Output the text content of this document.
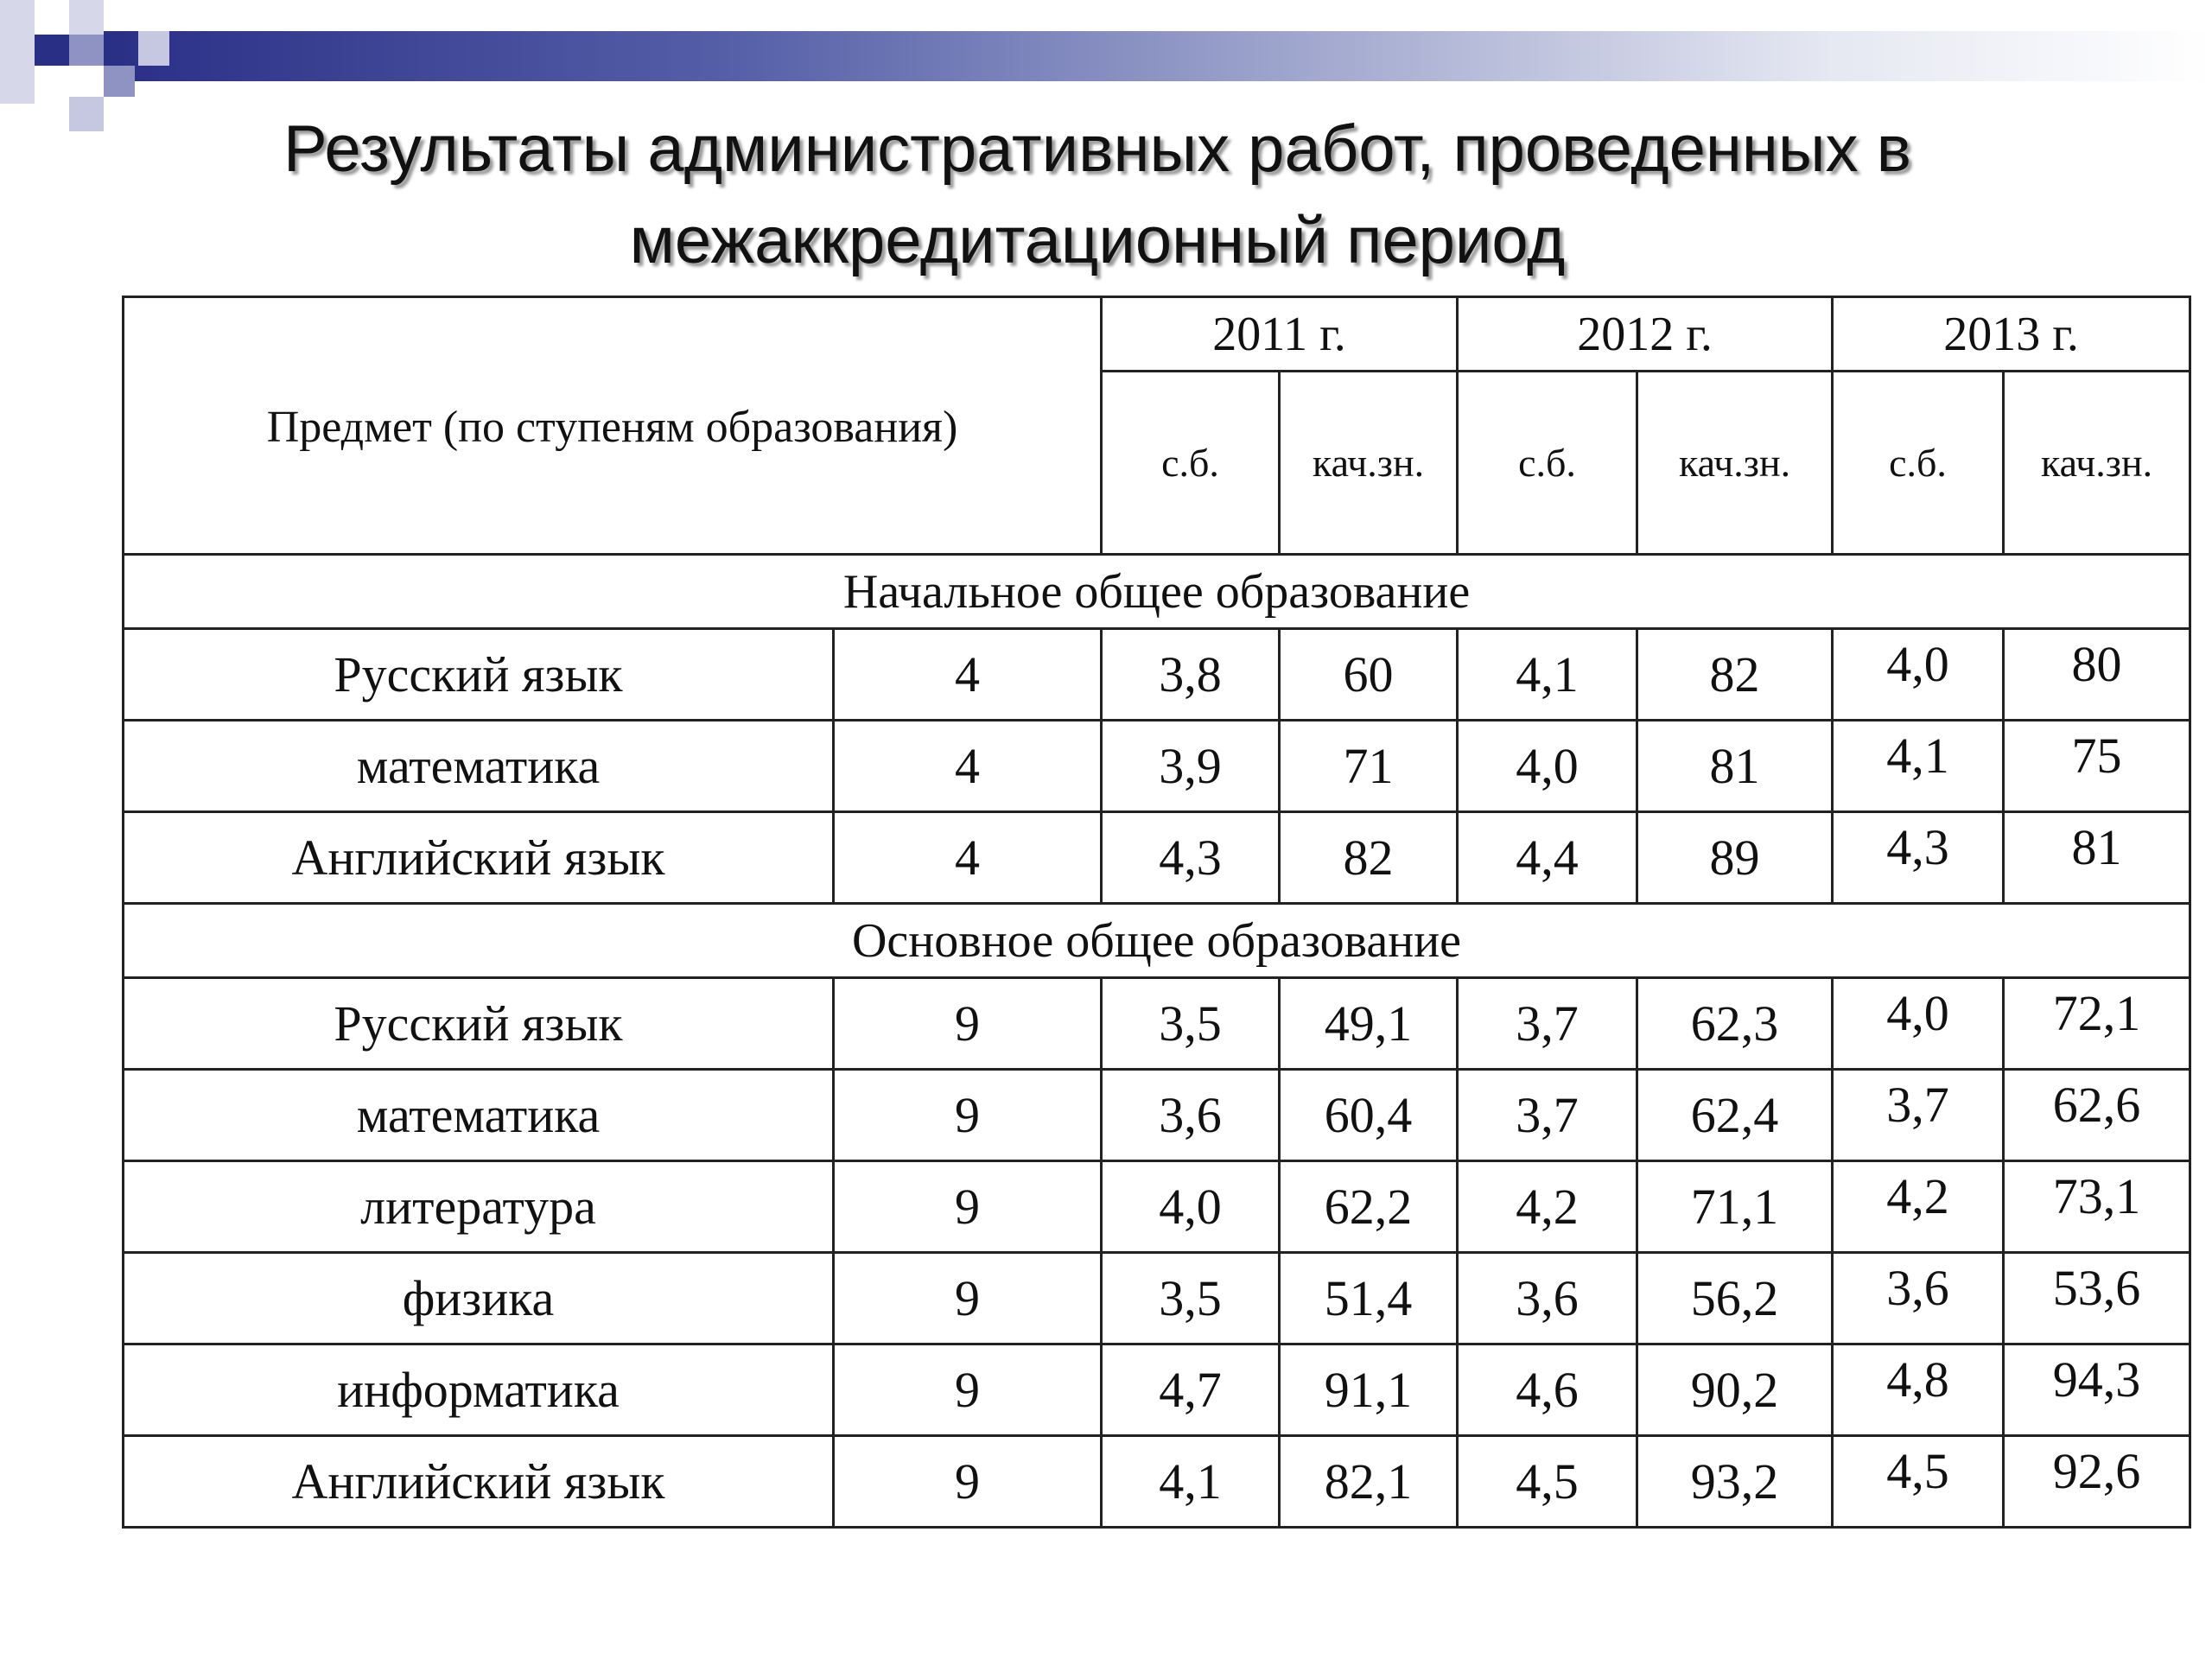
Результаты административных работ, проведенных в межаккредитационный период
Предмет (по ступеням образования)		2011 г.		2012 г.		2013 г.	
		с.б.	кач.зн.	с.б.	кач.зн.	с.б.	кач.зн.
Начальное общее образование							
Русский язык	4	3,8	60	4,1	82	4,0	80
математика	4	3,9	71	4,0	81	4,1	75
Английский язык	4	4,3	82	4,4	89	4,3	81
Основное общее образование							
Русский язык	9	3,5	49,1	3,7	62,3	4,0	72,1
математика	9	3,6	60,4	3,7	62,4	3,7	62,6
литература	9	4,0	62,2	4,2	71,1	4,2	73,1
физика	9	3,5	51,4	3,6	56,2	3,6	53,6
информатика	9	4,7	91,1	4,6	90,2	4,8	94,3
Английский язык	9	4,1	82,1	4,5	93,2	4,5	92,6
